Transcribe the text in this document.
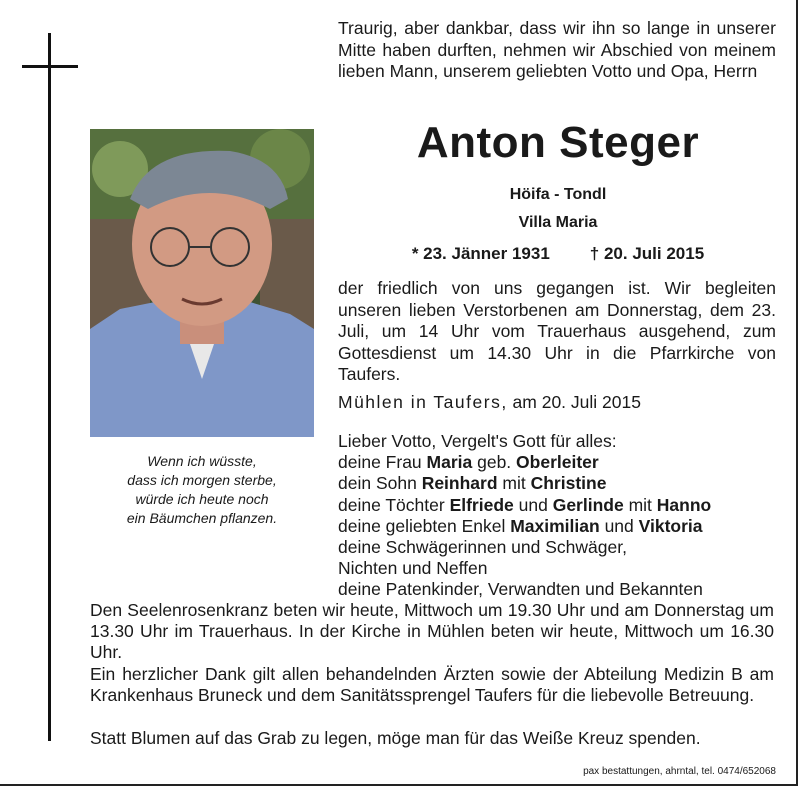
Traurig, aber dankbar, dass wir ihn so lange in unserer Mitte haben durften, nehmen wir Abschied von meinem lieben Mann, unserem geliebten Votto und Opa, Herrn
Anton Steger
Höifa - Tondl
Villa Maria
* 23. Jänner 1931 † 20. Juli 2015
der friedlich von uns gegangen ist. Wir begleiten unseren lieben Verstorbenen am Donnerstag, dem 23. Juli, um 14 Uhr vom Trauerhaus ausgehend, zum Gottesdienst um 14.30 Uhr in die Pfarrkirche von Taufers.
Mühlen in Taufers, am 20. Juli 2015
Lieber Votto, Vergelt's Gott für alles:
deine Frau Maria geb. Oberleiter
dein Sohn Reinhard mit Christine
deine Töchter Elfriede und Gerlinde mit Hanno
deine geliebten Enkel Maximilian und Viktoria
deine Schwägerinnen und Schwäger,
Nichten und Neffen
deine Patenkinder, Verwandten und Bekannten
Wenn ich wüsste,
dass ich morgen sterbe,
würde ich heute noch
ein Bäumchen pflanzen.
Den Seelenrosenkranz beten wir heute, Mittwoch um 19.30 Uhr und am Donnerstag um 13.30 Uhr im Trauerhaus. In der Kirche in Mühlen beten wir heute, Mittwoch um 16.30 Uhr.
Ein herzlicher Dank gilt allen behandelnden Ärzten sowie der Abteilung Medizin B am Krankenhaus Bruneck und dem Sanitätssprengel Taufers für die liebevolle Betreuung.
Statt Blumen auf das Grab zu legen, möge man für das Weiße Kreuz spenden.
pax bestattungen, ahrntal, tel. 0474/652068
